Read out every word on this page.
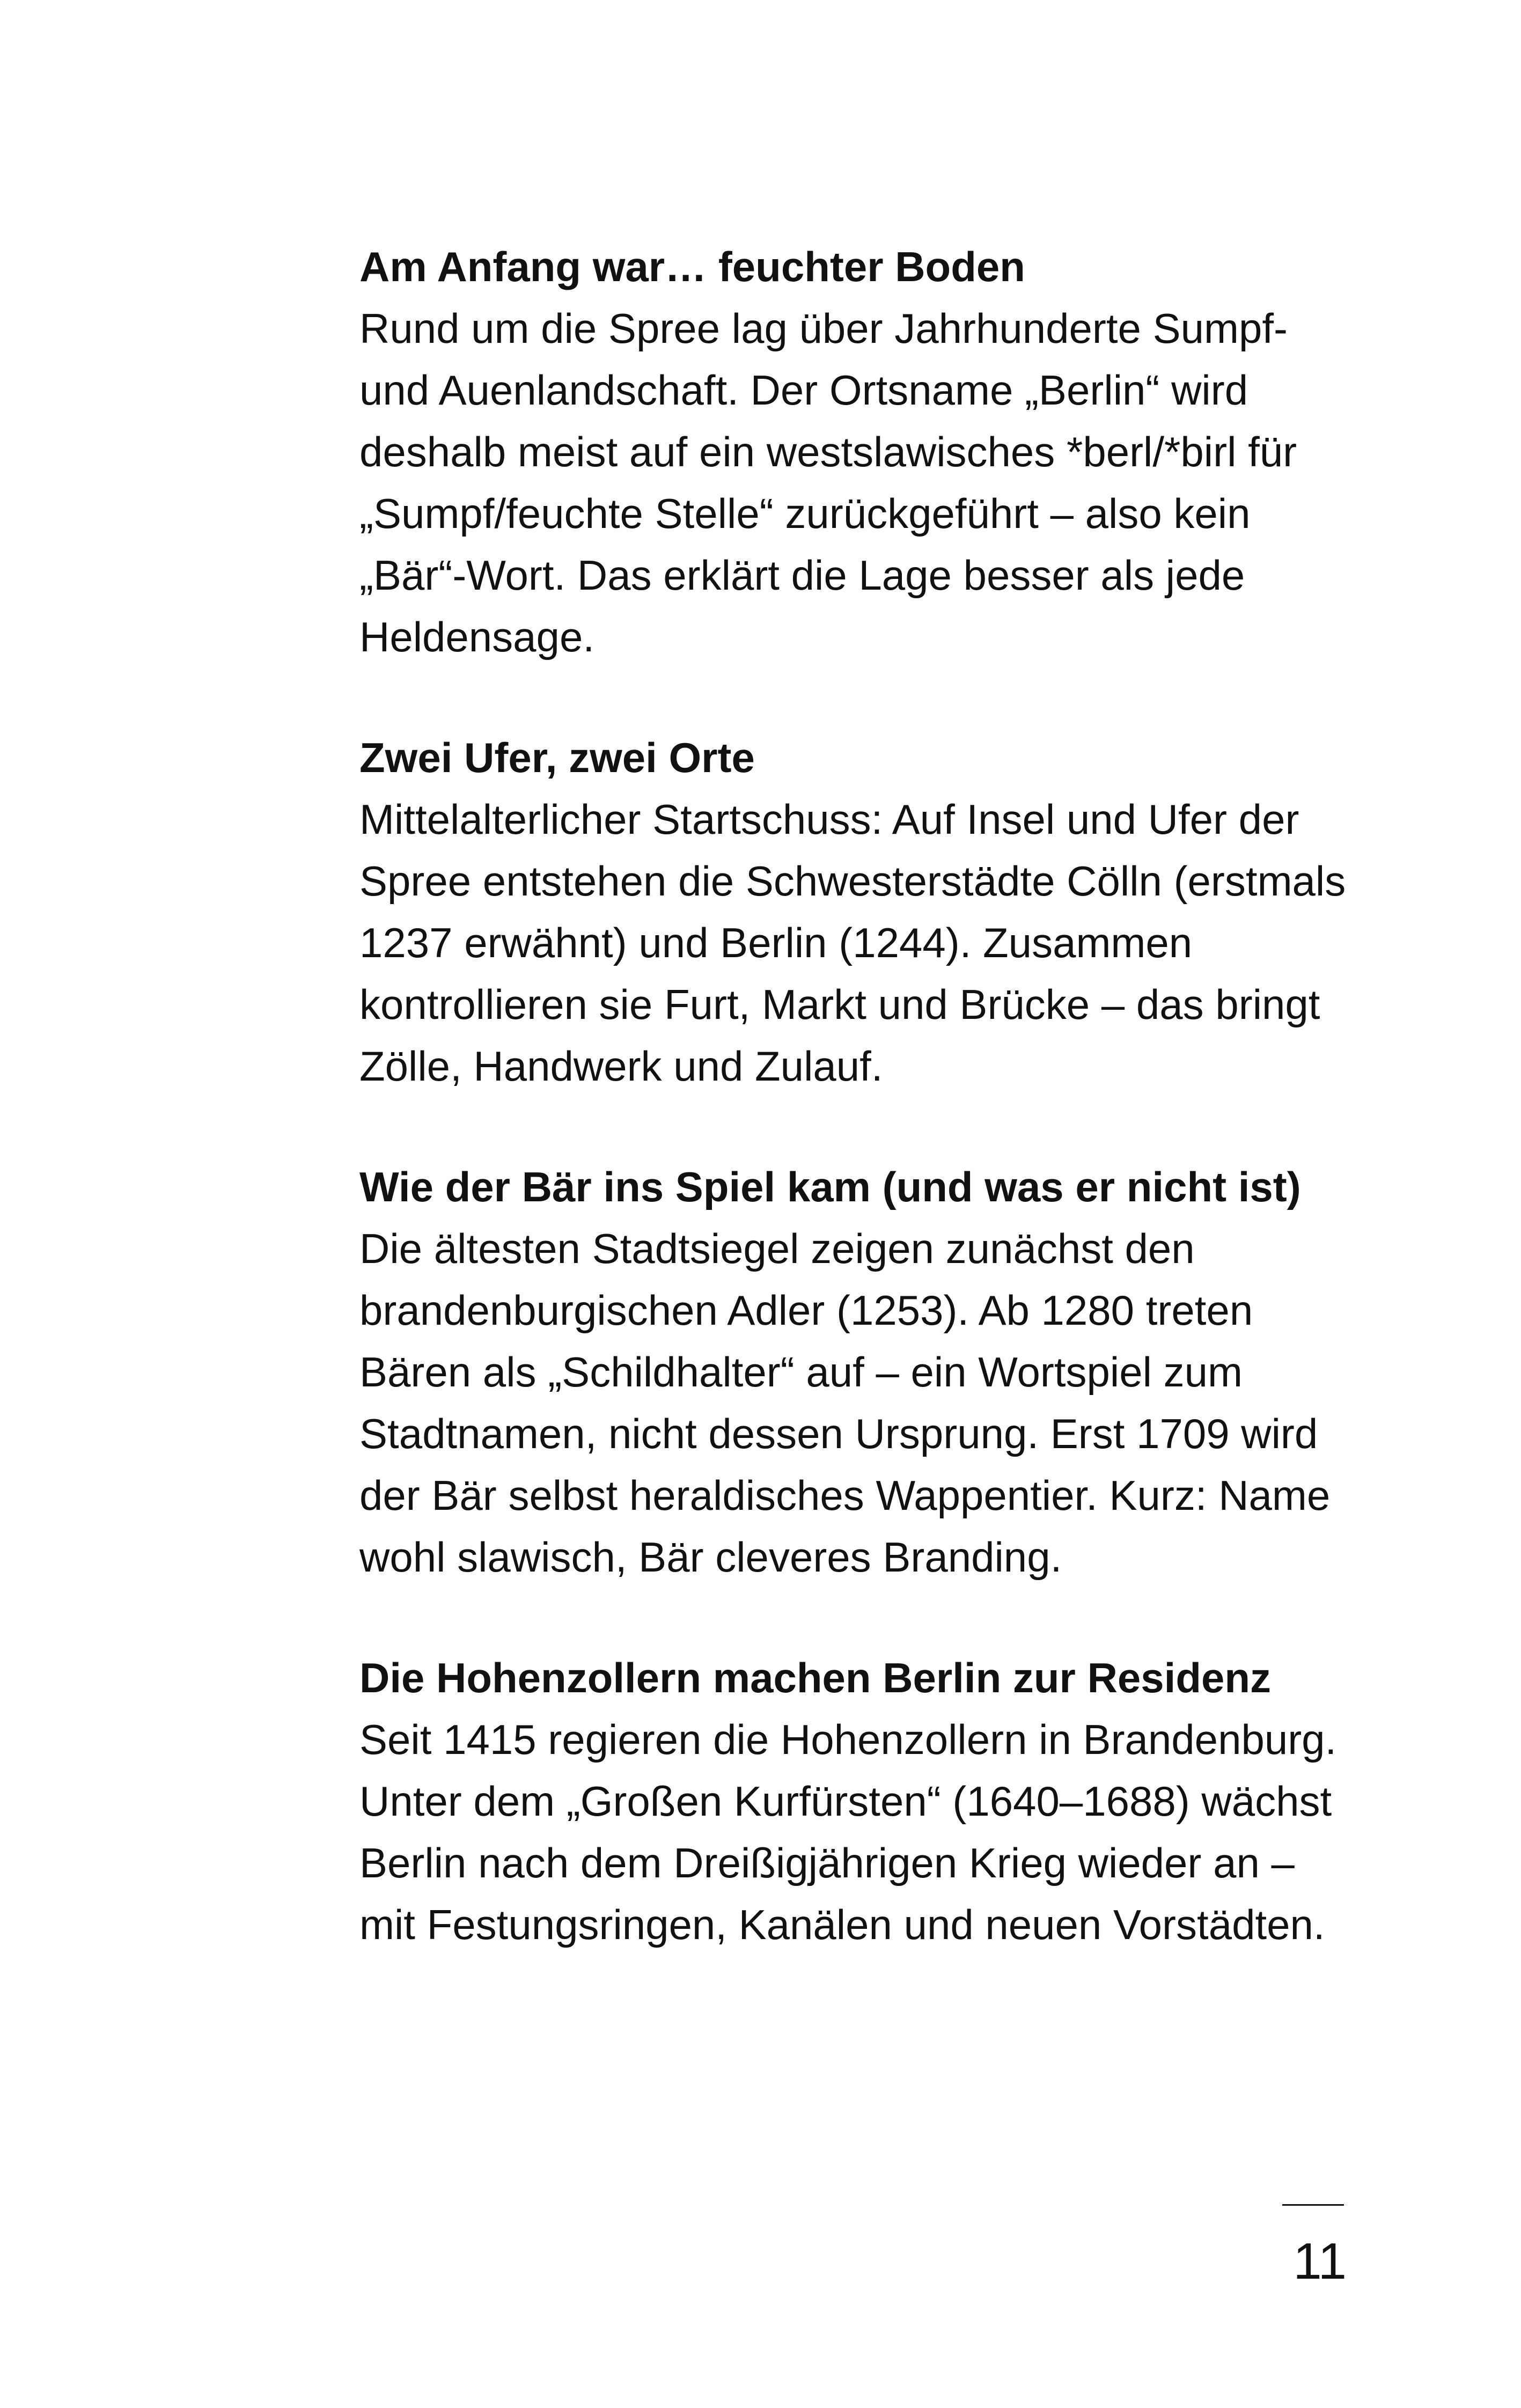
Am Anfang war… feuchter Boden

Rund um die Spree lag über Jahrhunderte Sumpf- und Auenlandschaft. Der Ortsname „Berlin“ wird deshalb meist auf ein westslawisches *berl/*birl für „Sumpf/feuchte Stelle“ zurückgeführt – also kein „Bär“-Wort. Das erklärt die Lage besser als jede Heldensage.

Zwei Ufer, zwei Orte

Mittelalterlicher Startschuss: Auf Insel und Ufer der Spree entstehen die Schwesterstädte Cölln (erstmals 1237 erwähnt) und Berlin (1244). Zusammen kontrollieren sie Furt, Markt und Brücke – das bringt Zölle, Handwerk und Zulauf.

Wie der Bär ins Spiel kam (und was er nicht ist)

Die ältesten Stadtsiegel zeigen zunächst den brandenburgischen Adler (1253). Ab 1280 treten Bären als „Schildhalter“ auf – ein Wortspiel zum Stadtnamen, nicht dessen Ursprung. Erst 1709 wird der Bär selbst heraldisches Wappentier. Kurz: Name wohl slawisch, Bär cleveres Branding.

Die Hohenzollern machen Berlin zur Residenz

Seit 1415 regieren die Hohenzollern in Brandenburg. Unter dem „Großen Kurfürsten“ (1640–1688) wächst Berlin nach dem Dreißigjährigen Krieg wieder an – mit Festungsringen, Kanälen und neuen Vorstädten.

11
